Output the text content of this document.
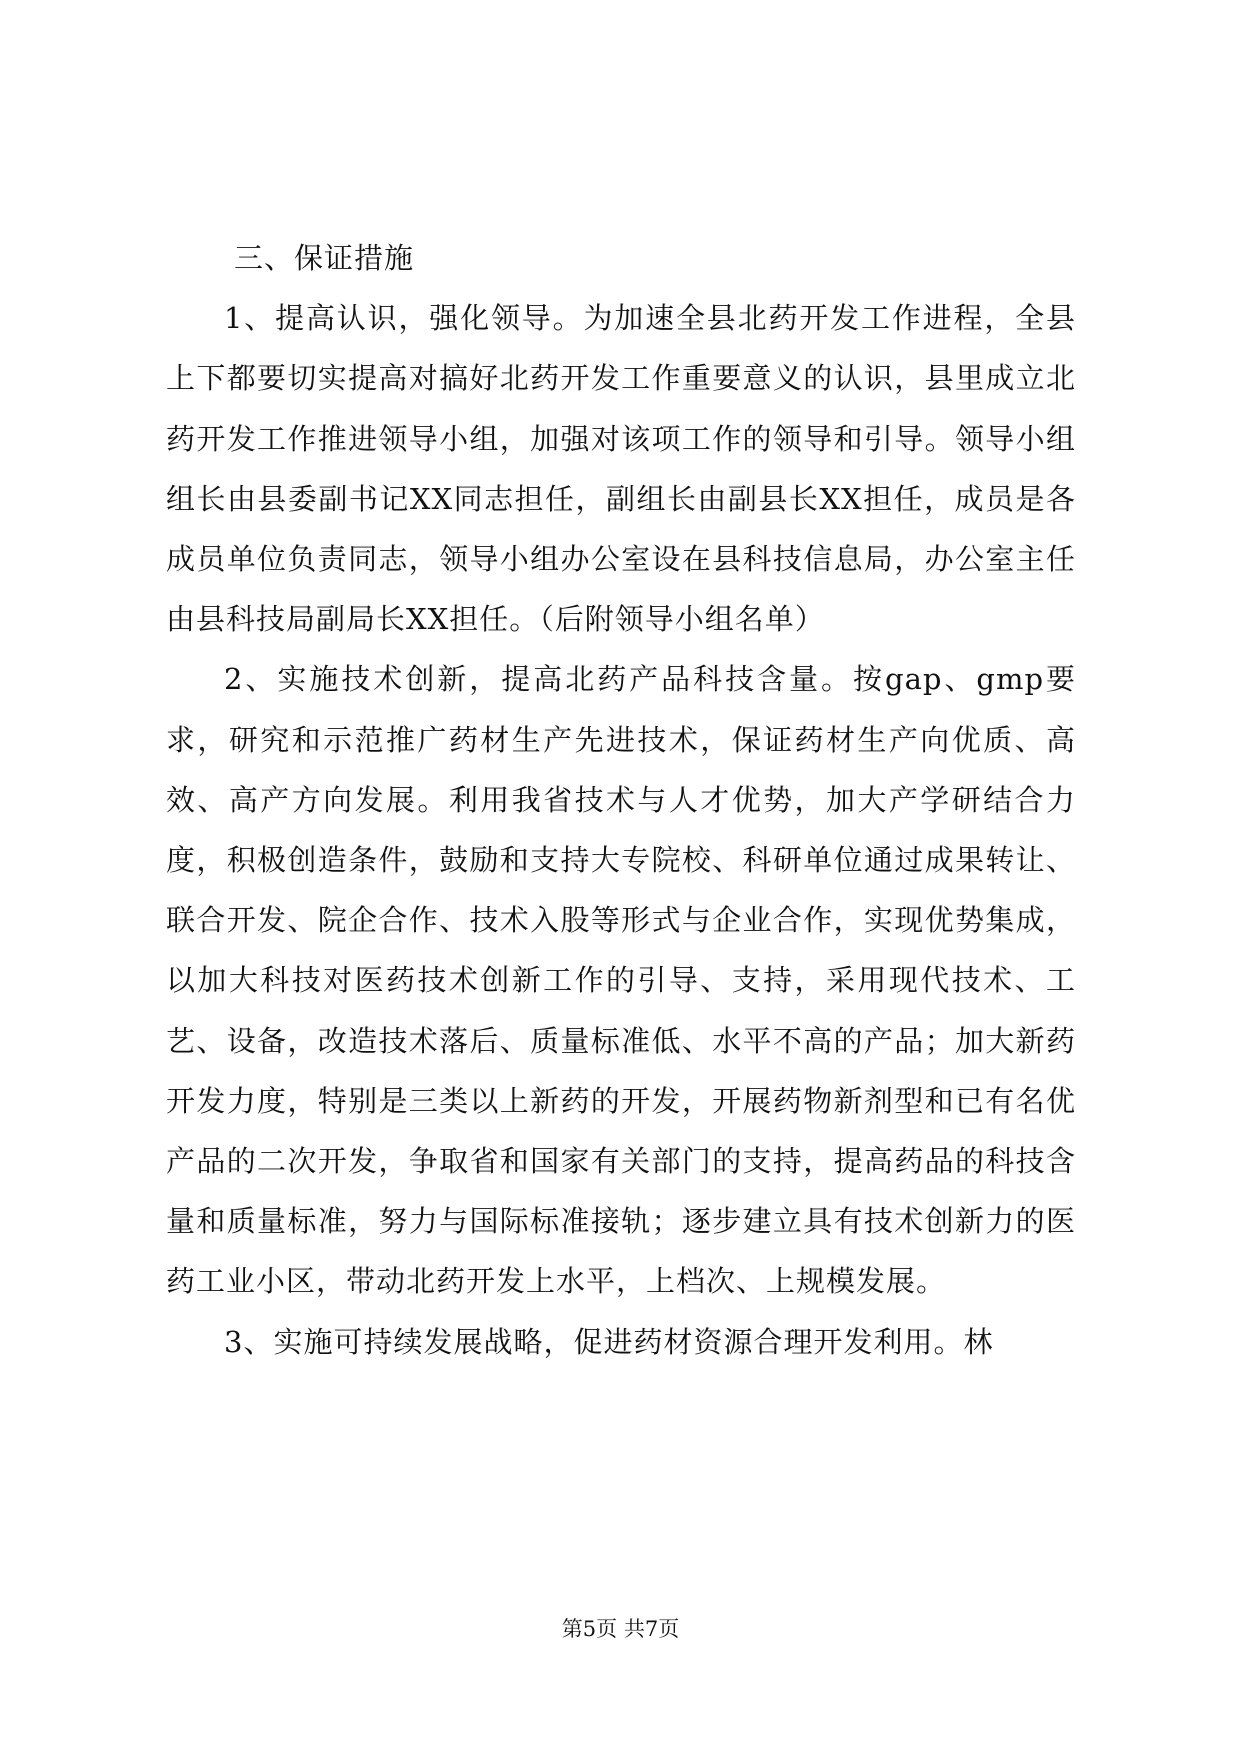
三、保证措施

1、提高认识，强化领导。为加速全县北药开发工作进程，全县上下都要切实提高对搞好北药开发工作重要意义的认识，县里成立北药开发工作推进领导小组，加强对该项工作的领导和引导。领导小组组长由县委副书记XX同志担任，副组长由副县长XX担任，成员是各成员单位负责同志，领导小组办公室设在县科技信息局，办公室主任由县科技局副局长XX担任。（后附领导小组名单）

2、实施技术创新，提高北药产品科技含量。按gap、gmp要求，研究和示范推广药材生产先进技术，保证药材生产向优质、高效、高产方向发展。利用我省技术与人才优势，加大产学研结合力度，积极创造条件，鼓励和支持大专院校、科研单位通过成果转让、联合开发、院企合作、技术入股等形式与企业合作，实现优势集成，以加大科技对医药技术创新工作的引导、支持，采用现代技术、工艺、设备，改造技术落后、质量标准低、水平不高的产品；加大新药开发力度，特别是三类以上新药的开发，开展药物新剂型和已有名优产品的二次开发，争取省和国家有关部门的支持，提高药品的科技含量和质量标准，努力与国际标准接轨；逐步建立具有技术创新力的医药工业小区，带动北药开发上水平，上档次、上规模发展。

3、实施可持续发展战略，促进药材资源合理开发利用。林

第5页 共7页
